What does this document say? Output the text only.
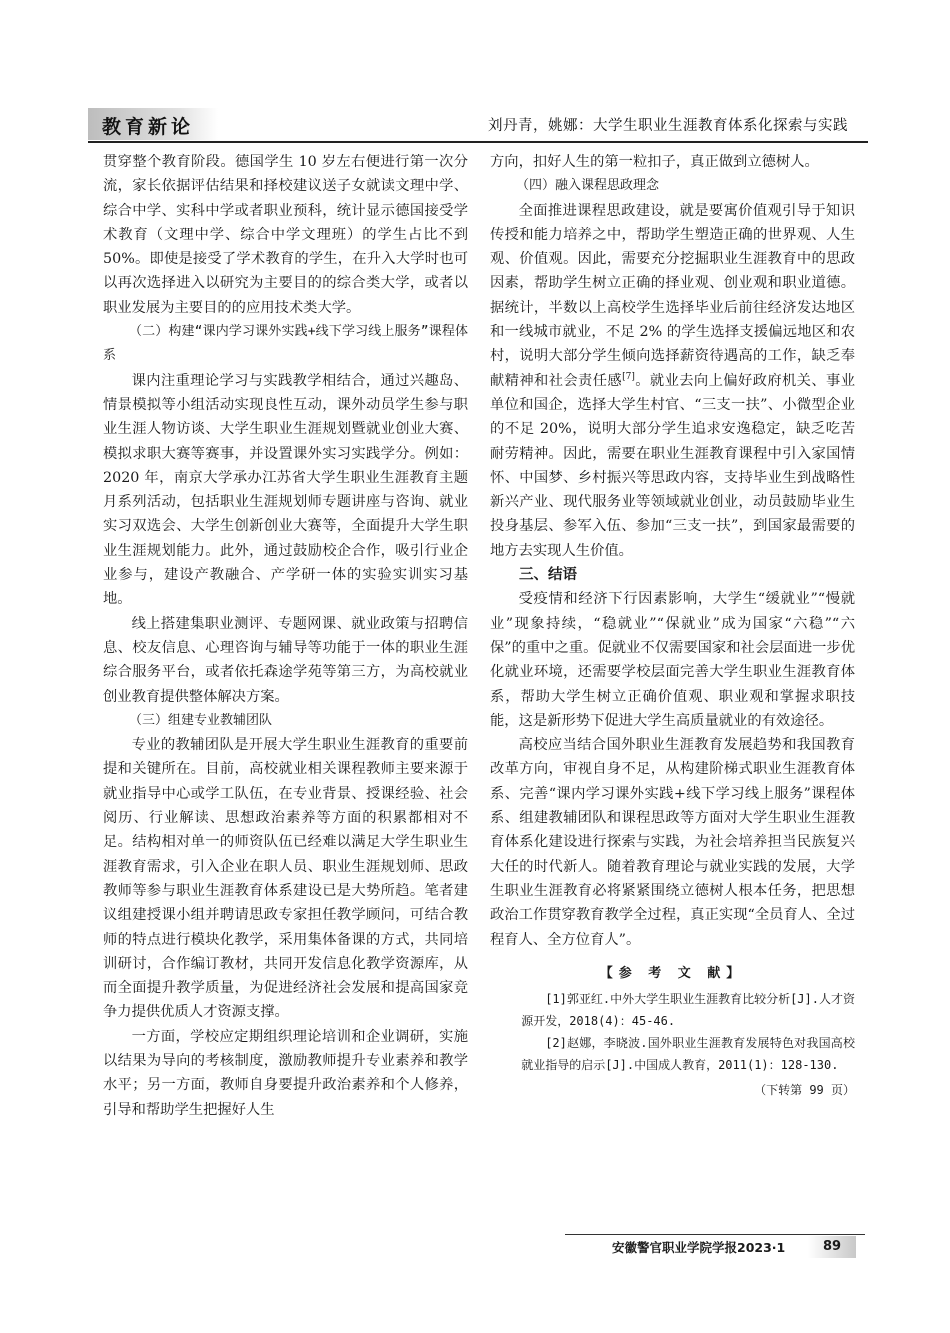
教育新论	刘丹青，姚娜：大学生职业生涯教育体系化探索与实践

贯穿整个教育阶段。德国学生 10 岁左右便进行第一次分流，家长依据评估结果和择校建议送子女就读文理中学、综合中学、实科中学或者职业预科，统计显示德国接受学术教育（文理中学、综合中学文理班）的学生占比不到 50%。即使是接受了学术教育的学生，在升入大学时也可以再次选择进入以研究为主要目的的综合类大学，或者以职业发展为主要目的的应用技术类大学。

（二）构建“课内学习课外实践+线下学习线上服务”课程体系

课内注重理论学习与实践教学相结合，通过兴趣岛、情景模拟等小组活动实现良性互动，课外动员学生参与职业生涯人物访谈、大学生职业生涯规划暨就业创业大赛、模拟求职大赛等赛事，并设置课外实习实践学分。例如：2020 年，南京大学承办江苏省大学生职业生涯教育主题月系列活动，包括职业生涯规划师专题讲座与咨询、就业实习双选会、大学生创新创业大赛等，全面提升大学生职业生涯规划能力。此外，通过鼓励校企合作，吸引行业企业参与，建设产教融合、产学研一体的实验实训实习基地。

线上搭建集职业测评、专题网课、就业政策与招聘信息、校友信息、心理咨询与辅导等功能于一体的职业生涯综合服务平台，或者依托森途学苑等第三方，为高校就业创业教育提供整体解决方案。

（三）组建专业教辅团队

专业的教辅团队是开展大学生职业生涯教育的重要前提和关键所在。目前，高校就业相关课程教师主要来源于就业指导中心或学工队伍，在专业背景、授课经验、社会阅历、行业解读、思想政治素养等方面的积累都相对不足。结构相对单一的师资队伍已经难以满足大学生职业生涯教育需求，引入企业在职人员、职业生涯规划师、思政教师等参与职业生涯教育体系建设已是大势所趋。笔者建议组建授课小组并聘请思政专家担任教学顾问，可结合教师的特点进行模块化教学，采用集体备课的方式，共同培训研讨，合作编订教材，共同开发信息化教学资源库，从而全面提升教学质量，为促进经济社会发展和提高国家竞争力提供优质人才资源支撑。

一方面，学校应定期组织理论培训和企业调研，实施以结果为导向的考核制度，激励教师提升专业素养和教学水平；另一方面，教师自身要提升政治素养和个人修养，引导和帮助学生把握好人生

方向，扣好人生的第一粒扣子，真正做到立德树人。

（四）融入课程思政理念

全面推进课程思政建设，就是要寓价值观引导于知识传授和能力培养之中，帮助学生塑造正确的世界观、人生观、价值观。因此，需要充分挖掘职业生涯教育中的思政因素，帮助学生树立正确的择业观、创业观和职业道德。据统计，半数以上高校学生选择毕业后前往经济发达地区和一线城市就业，不足 2% 的学生选择支援偏远地区和农村，说明大部分学生倾向选择薪资待遇高的工作，缺乏奉献精神和社会责任感[7]。就业去向上偏好政府机关、事业单位和国企，选择大学生村官、“三支一扶”、小微型企业的不足 20%，说明大部分学生追求安逸稳定，缺乏吃苦耐劳精神。因此，需要在职业生涯教育课程中引入家国情怀、中国梦、乡村振兴等思政内容，支持毕业生到战略性新兴产业、现代服务业等领域就业创业，动员鼓励毕业生投身基层、参军入伍、参加“三支一扶”，到国家最需要的地方去实现人生价值。

三、结语

受疫情和经济下行因素影响，大学生“缓就业”“慢就业”现象持续，“稳就业”“保就业”成为国家“六稳”“六保”的重中之重。促就业不仅需要国家和社会层面进一步优化就业环境，还需要学校层面完善大学生职业生涯教育体系，帮助大学生树立正确价值观、职业观和掌握求职技能，这是新形势下促进大学生高质量就业的有效途径。

高校应当结合国外职业生涯教育发展趋势和我国教育改革方向，审视自身不足，从构建阶梯式职业生涯教育体系、完善“课内学习课外实践+线下学习线上服务”课程体系、组建教辅团队和课程思政等方面对大学生职业生涯教育体系化建设进行探索与实践，为社会培养担当民族复兴大任的时代新人。随着教育理论与就业实践的发展，大学生职业生涯教育必将紧紧围绕立德树人根本任务，把思想政治工作贯穿教育教学全过程，真正实现“全员育人、全过程育人、全方位育人”。

【参 考 文 献】

[1]郭亚红.中外大学生职业生涯教育比较分析[J].人才资源开发，2018(4)：45-46.

[2]赵娜，李晓波.国外职业生涯教育发展特色对我国高校就业指导的启示[J].中国成人教育，2011(1)：128-130.

（下转第 99 页）
安徽警官职业学院学报2023·1	89
